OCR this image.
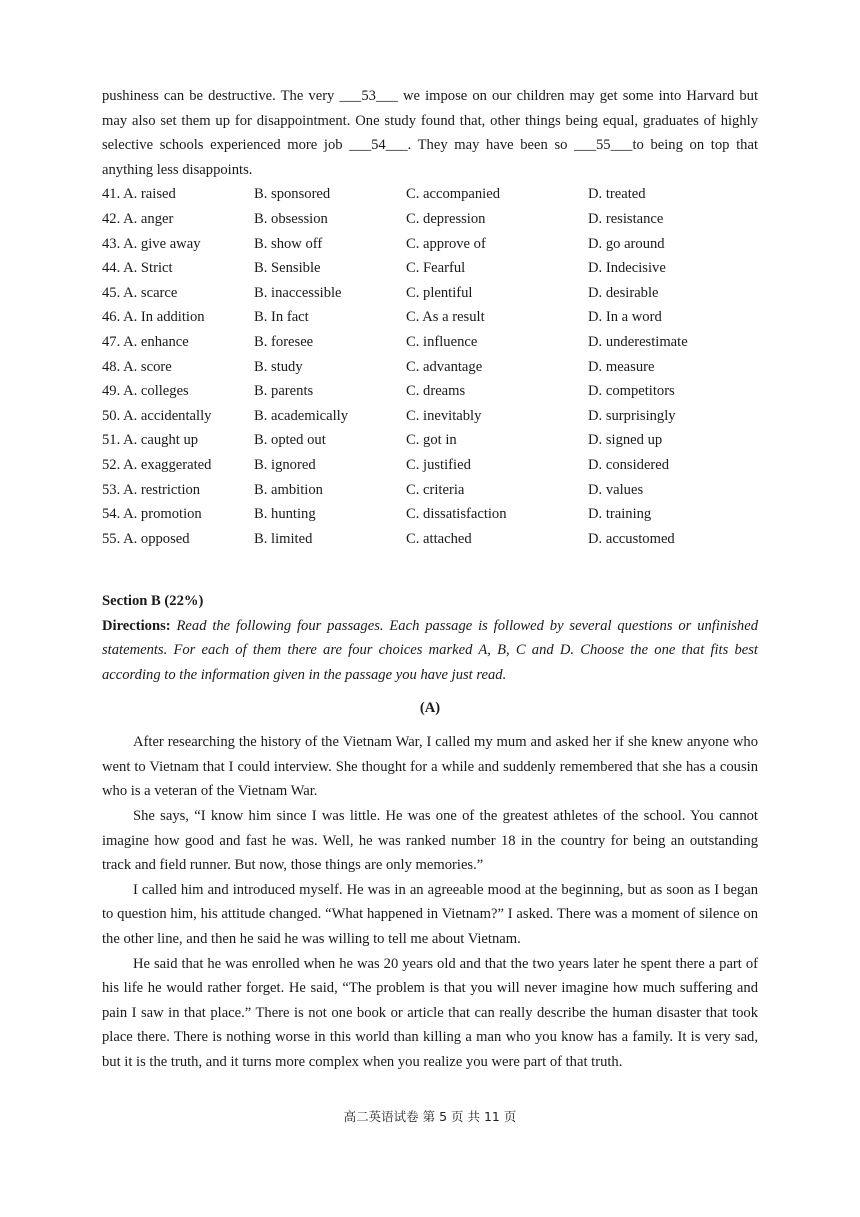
pushiness can be destructive. The very ___53___ we impose on our children may get some into Harvard but may also set them up for disappointment. One study found that, other things being equal, graduates of highly selective schools experienced more job ___54___. They may have been so ___55___to being on top that anything less disappoints.

41. A. raised	B. sponsored	C. accompanied	D. treated
42. A. anger	B. obsession	C. depression	D. resistance
43. A. give away	B. show off	C. approve of	D. go around
44. A. Strict	B. Sensible	C. Fearful	D. Indecisive
45. A. scarce	B. inaccessible	C. plentiful	D. desirable
46. A. In addition	B. In fact	C. As a result	D. In a word
47. A. enhance	B. foresee	C. influence	D. underestimate
48. A. score	B. study	C. advantage	D. measure
49. A. colleges	B. parents	C. dreams	D. competitors
50. A. accidentally	B. academically	C. inevitably	D. surprisingly
51. A. caught up	B. opted out	C. got in	D. signed up
52. A. exaggerated	B. ignored	C. justified	D. considered
53. A. restriction	B. ambition	C. criteria	D. values
54. A. promotion	B. hunting	C. dissatisfaction	D. training
55. A. opposed	B. limited	C. attached	D. accustomed
Section B (22%)

Directions: Read the following four passages. Each passage is followed by several questions or unfinished statements. For each of them there are four choices marked A, B, C and D. Choose the one that fits best according to the information given in the passage you have just read.

(A)

After researching the history of the Vietnam War, I called my mum and asked her if she knew anyone who went to Vietnam that I could interview. She thought for a while and suddenly remembered that she has a cousin who is a veteran of the Vietnam War.

She says, “I know him since I was little. He was one of the greatest athletes of the school. You cannot imagine how good and fast he was. Well, he was ranked number 18 in the country for being an outstanding track and field runner. But now, those things are only memories.”

I called him and introduced myself. He was in an agreeable mood at the beginning, but as soon as I began to question him, his attitude changed. “What happened in Vietnam?” I asked. There was a moment of silence on the other line, and then he said he was willing to tell me about Vietnam.

He said that he was enrolled when he was 20 years old and that the two years later he spent there a part of his life he would rather forget. He said, “The problem is that you will never imagine how much suffering and pain I saw in that place.” There is not one book or article that can really describe the human disaster that took place there. There is nothing worse in this world than killing a man who you know has a family. It is very sad, but it is the truth, and it turns more complex when you realize you were part of that truth.

高二英语试卷 第 5 页 共 11 页
